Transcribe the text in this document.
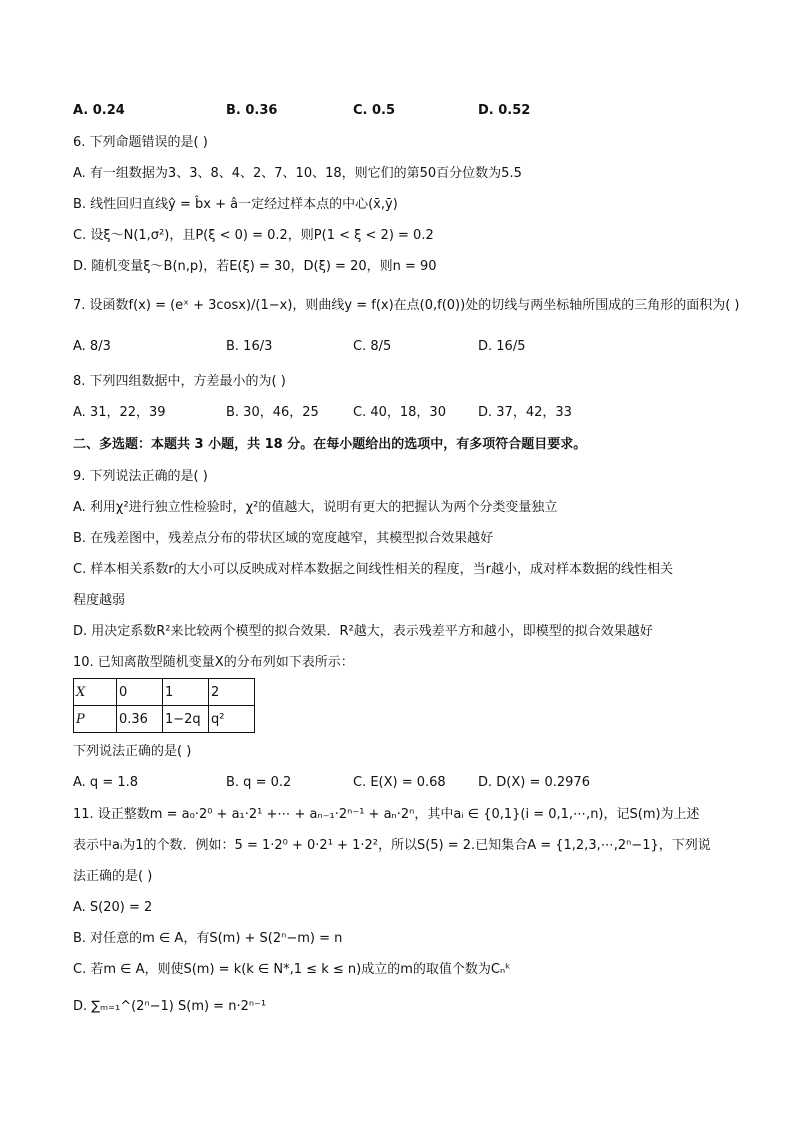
A. 0.24	B. 0.36	C. 0.5	D. 0.52
6. 下列命题错误的是( )
A. 有一组数据为3、3、8、4、2、7、10、18，则它们的第50百分位数为5.5
B. 线性回归直线ŷ = b̂x + â一定经过样本点的中心(x̄,ȳ)
C. 设ξ～N(1,σ²)，且P(ξ < 0) = 0.2，则P(1 < ξ < 2) = 0.2
D. 随机变量ξ～B(n,p)，若E(ξ) = 30，D(ξ) = 20，则n = 90
7. 设函数f(x) = (eˣ + 3cosx)/(1−x)，则曲线y = f(x)在点(0,f(0))处的切线与两坐标轴所围成的三角形的面积为( )
A. 8/3	B. 16/3	C. 8/5	D. 16/5
8. 下列四组数据中，方差最小的为( )
A. 31，22，39	B. 30，46，25	C. 40，18，30 D. 37，42，33
二、多选题：本题共 3 小题，共 18 分。在每小题给出的选项中，有多项符合题目要求。
9. 下列说法正确的是( )
A. 利用χ²进行独立性检验时，χ²的值越大，说明有更大的把握认为两个分类变量独立
B. 在残差图中，残差点分布的带状区域的宽度越窄，其模型拟合效果越好
C. 样本相关系数r的大小可以反映成对样本数据之间线性相关的程度，当r越小，成对样本数据的线性相关
程度越弱
D. 用决定系数R²来比较两个模型的拟合效果．R²越大，表示残差平方和越小，即模型的拟合效果越好
10. 已知离散型随机变量X的分布列如下表所示：
X	0	1	2
P	0.36	1−2q	q²
下列说法正确的是( )
A. q = 1.8	B. q = 0.2	C. E(X) = 0.68 D. D(X) = 0.2976
11. 设正整数m = a₀·2⁰ + a₁·2¹ +⋯ + aₙ₋₁·2ⁿ⁻¹ + aₙ·2ⁿ，其中aᵢ ∈ {0,1}(i = 0,1,⋯,n)，记S(m)为上述
表示中aᵢ为1的个数．例如：5 = 1·2⁰ + 0·2¹ + 1·2²，所以S(5) = 2.已知集合A = {1,2,3,⋯,2ⁿ−1}，下列说
法正确的是( )
A. S(20) = 2
B. 对任意的m ∈ A，有S(m) + S(2ⁿ−m) = n
C. 若m ∈ A，则使S(m) = k(k ∈ N*,1 ≤ k ≤ n)成立的m的取值个数为Cₙᵏ
D. ∑ₘ₌₁^(2ⁿ−1) S(m) = n·2ⁿ⁻¹
